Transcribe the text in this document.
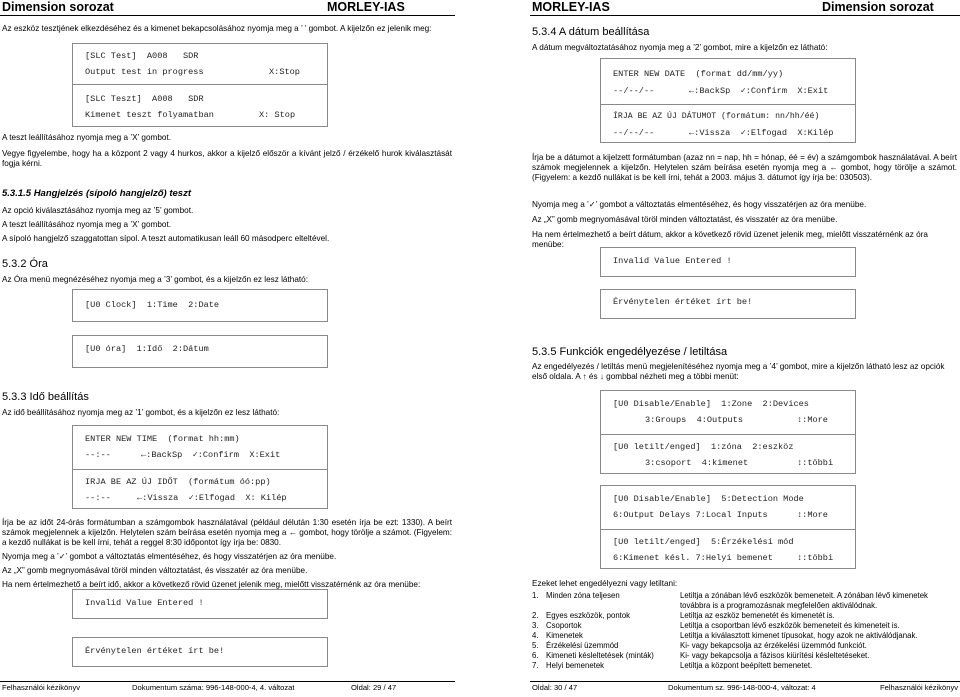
Dimension sorozat	MORLEY-IAS	MORLEY-IAS	Dimension sorozat
Az eszköz tesztjének elkezdéséhez és a kimenet bekapcsolásához nyomja meg a ’ ’ gombot. A kijelzőn ez jelenik meg:
[SLC Test]  A008   SDR
Output test in progress	X:Stop
[SLC Teszt]  A008   SDR
Kimenet teszt folyamatban	X: Stop
A teszt leállításához nyomja meg a ’X’ gombot.
Vegye figyelembe, hogy ha a központ 2 vagy 4 hurkos, akkor a kijelző először a kívánt jelző / érzékelő hurok kiválasztását fogja kérni.
5.3.1.5 Hangjelzés (sípoló hangjelző) teszt
Az opció kiválasztásához nyomja meg az ’5’ gombot.
A teszt leállításához nyomja meg a ’X’ gombot.
A sípoló hangjelző szaggatottan sípol. A teszt automatikusan leáll 60 másodperc elteltével.
5.3.2 Óra
Az Óra menü megnézéséhez nyomja meg a ’3’ gombot, és a kijelzőn ez lesz látható:
[U0 Clock]  1:Time  2:Date
[U0 óra]  1:Idő  2:Dátum
5.3.3 Idő beállítás
Az idő beállításához nyomja meg az ’1’ gombot, és a kijelzőn ez lesz látható:
ENTER NEW TIME  (format hh:mm)
--:--	←:BackSp  ✓:Confirm  X:Exit
IRJA BE AZ ÚJ IDŐT  (formátum óó:pp)
--:--	←:Vissza  ✓:Elfogad  X: Kilép
Írja be az időt 24-órás formátumban a számgombok használatával (például délután 1:30 esetén írja be ezt: 1330). A beírt számok megjelennek a kijelzőn. Helytelen szám beírása esetén nyomja meg a ← gombot, hogy törölje a számot. (Figyelem: a kezdő nullákat is be kell írni, tehát a reggel 8:30 időpontot így írja be: 0830.
Nyomja meg a ’✓’ gombot a változtatás elmentéséhez, és hogy visszatérjen az óra menübe.
Az „X” gomb megnyomásával töröl minden változtatást, és visszatér az óra menübe.
Ha nem értelmezhető a beírt idő, akkor a következő rövid üzenet jelenik meg, mielőtt visszatérnénk az óra menübe:
Invalid Value Entered !
Érvénytelen értéket írt be!
Felhasználói kézikönyv	Dokumentum száma: 996-148-000-4, 4. változat	Oldal: 29 / 47
5.3.4 A dátum beállítása
A dátum megváltoztatásához nyomja meg a ’2’ gombot, mire a kijelzőn ez látható:
ENTER NEW DATE  (format dd/mm/yy)
--/--/--	←:BackSp  ✓:Confirm  X:Exit
ÍRJA BE AZ ÚJ DÁTUMOT (formátum: nn/hh/éé)
--/--/--	←:Vissza  ✓:Elfogad  X:Kilép
Írja be a dátumot a kijelzett formátumban (azaz nn = nap, hh = hónap, éé = év) a számgombok használatával. A beírt számok megjelennek a kijelzőn. Helytelen szám beírása esetén nyomja meg a ← gombot, hogy törölje a számot. (Figyelem: a kezdő nullákat is be kell írni, tehát a 2003. május 3. dátumot így írja be: 030503).
Nyomja meg a ’✓’ gombot a változtatás elmentéséhez, és hogy visszatérjen az óra menübe.
Az „X” gomb megnyomásával töröl minden változtatást, és visszatér az óra menübe.
Ha nem értelmezhető a beírt dátum, akkor a következő rövid üzenet jelenik meg, mielőtt visszatérnénk az óra menübe:
Invalid Value Entered !
Érvénytelen értéket írt be!
5.3.5 Funkciók engedélyezése / letiltása
Az engedélyezés / letiltás menü megjelenítéséhez nyomja meg a ’4’ gombot, mire a kijelzőn látható lesz az opciók első oldala. A ↑ és ↓ gombbal nézheti meg a többi menüt:
[U0 Disable/Enable]  1:Zone  2:Devices
3:Groups  4:Outputs	↕:More
[U0 letilt/enged]  1:zóna  2:eszköz
3:csoport  4:kimenet	↕:többi
[U0 Disable/Enable]  5:Detection Mode
6:Output Delays 7:Local Inputs	↕:More
[U0 letilt/enged]  5:Érzékelési mód
6:Kimenet késl. 7:Helyi bemenet	↕:többi
Ezeket lehet engedélyezni vagy letiltani:
1.	Minden zóna teljesen	Letiltja a zónában lévő eszközök bemeneteit. A zónában lévő kimenetek továbbra is a programozásnak megfelelően aktiválódnak.
2.	Egyes eszközök, pontok	Letiltja az eszköz bemenetét és kimenetét is.
3.	Csoportok	Letiltja a csoportban lévő eszközök bemeneteit és kimeneteit is.
4.	Kimenetek	Letiltja a kiválasztott kimenet típusokat, hogy azok ne aktiválódjanak.
5.	Érzékelési üzemmód	Ki- vagy bekapcsolja az érzékelési üzemmód funkciót.
6.	Kimeneti késleltetések (minták)	Ki- vagy bekapcsolja a fázisos kiürítési késleltetéseket.
7.	Helyi bemenetek	Letiltja a központ beépített bemenetet.
Oldal: 30 / 47	Dokumentum sz. 996-148-000-4, változat: 4	Felhasználói kézikönyv
